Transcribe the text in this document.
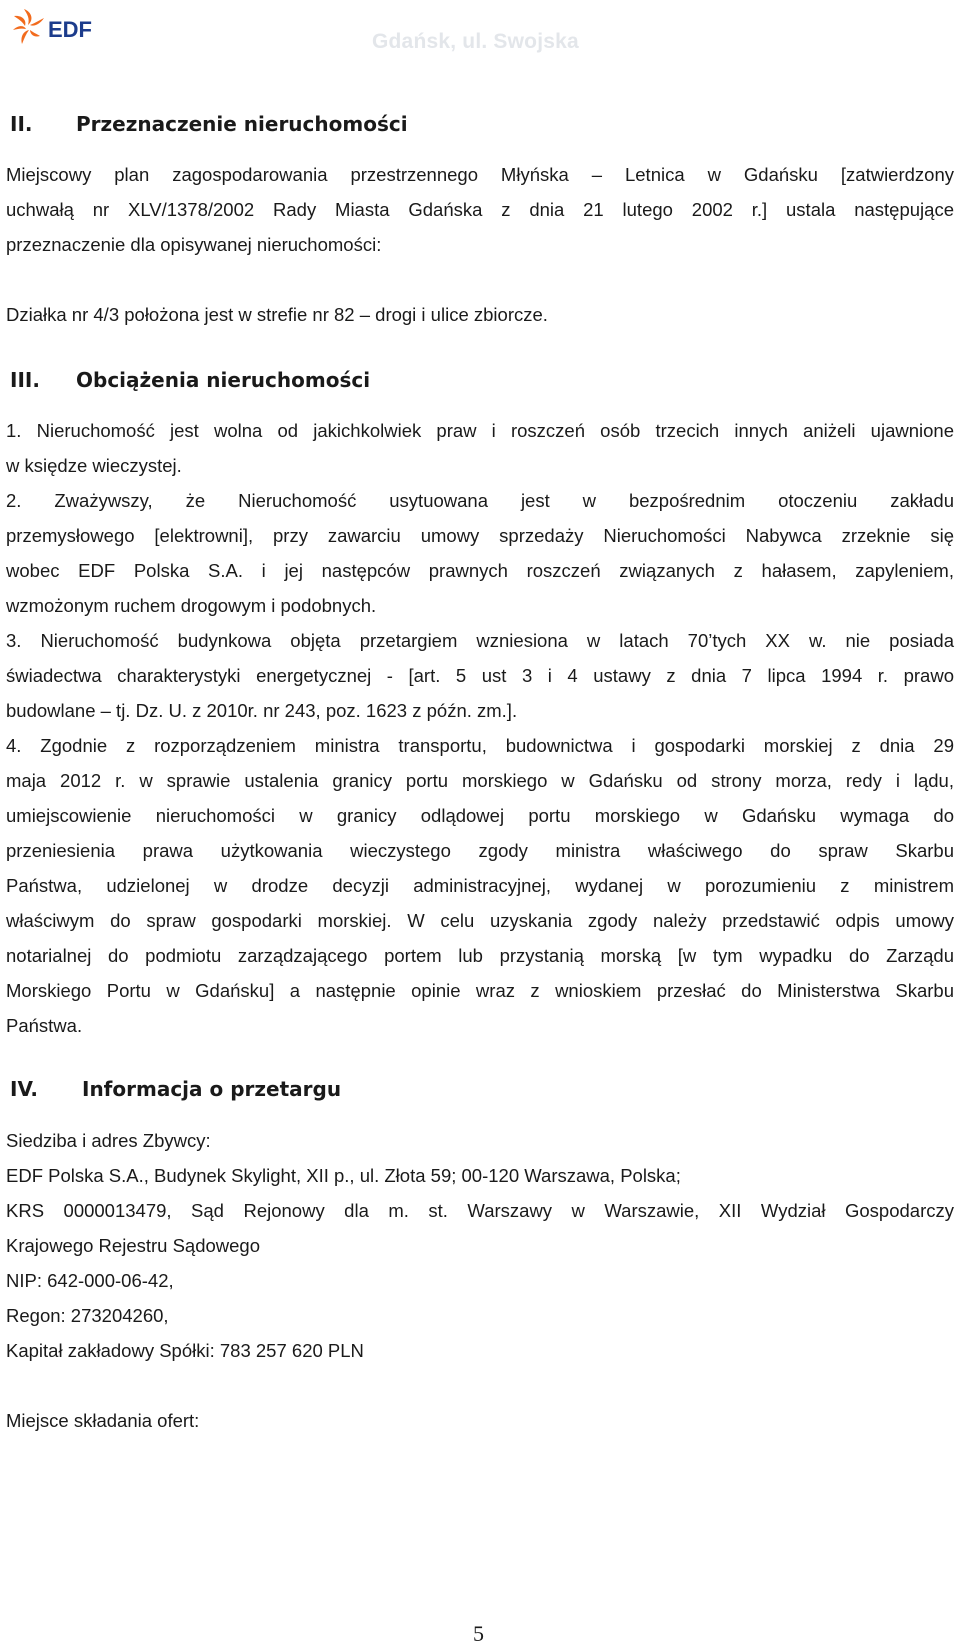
EDF	Gdańsk, ul. Swojska
II. Przeznaczenie nieruchomości

Miejscowy plan zagospodarowania przestrzennego Młyńska – Letnica w Gdańsku [zatwierdzony

uchwałą nr XLV/1378/2002 Rady Miasta Gdańska z dnia 21 lutego 2002 r.] ustala następujące

przeznaczenie dla opisywanej nieruchomości:

Działka nr 4/3 położona jest w strefie nr 82 – drogi i ulice zbiorcze.

III. Obciążenia nieruchomości

1. Nieruchomość jest wolna od jakichkolwiek praw i roszczeń osób trzecich innych aniżeli ujawnione

w księdze wieczystej.

2. Zważywszy, że Nieruchomość usytuowana jest w bezpośrednim otoczeniu zakładu

przemysłowego [elektrowni], przy zawarciu umowy sprzedaży Nieruchomości Nabywca zrzeknie się

wobec EDF Polska S.A. i jej następców prawnych roszczeń związanych z hałasem, zapyleniem,

wzmożonym ruchem drogowym i podobnych.

3. Nieruchomość budynkowa objęta przetargiem wzniesiona w latach 70’tych XX w. nie posiada

świadectwa charakterystyki energetycznej - [art. 5 ust 3 i 4 ustawy z dnia 7 lipca 1994 r. prawo

budowlane – tj. Dz. U. z 2010r. nr 243, poz. 1623 z późn. zm.].

4. Zgodnie z rozporządzeniem ministra transportu, budownictwa i gospodarki morskiej z dnia 29

maja 2012 r. w sprawie ustalenia granicy portu morskiego w Gdańsku od strony morza, redy i lądu,

umiejscowienie nieruchomości w granicy odlądowej portu morskiego w Gdańsku wymaga do

przeniesienia prawa użytkowania wieczystego zgody ministra właściwego do spraw Skarbu

Państwa, udzielonej w drodze decyzji administracyjnej, wydanej w porozumieniu z ministrem

właściwym do spraw gospodarki morskiej. W celu uzyskania zgody należy przedstawić odpis umowy

notarialnej do podmiotu zarządzającego portem lub przystanią morską [w tym wypadku do Zarządu

Morskiego Portu w Gdańsku] a następnie opinie wraz z wnioskiem przesłać do Ministerstwa Skarbu

Państwa.

IV. Informacja o przetargu

Siedziba i adres Zbywcy:

EDF Polska S.A., Budynek Skylight, XII p., ul. Złota 59; 00-120 Warszawa, Polska;

KRS 0000013479, Sąd Rejonowy dla m. st. Warszawy w Warszawie, XII Wydział Gospodarczy

Krajowego Rejestru Sądowego

NIP: 642-000-06-42,

Regon: 273204260,

Kapitał zakładowy Spółki: 783 257 620 PLN

Miejsce składania ofert:

5
